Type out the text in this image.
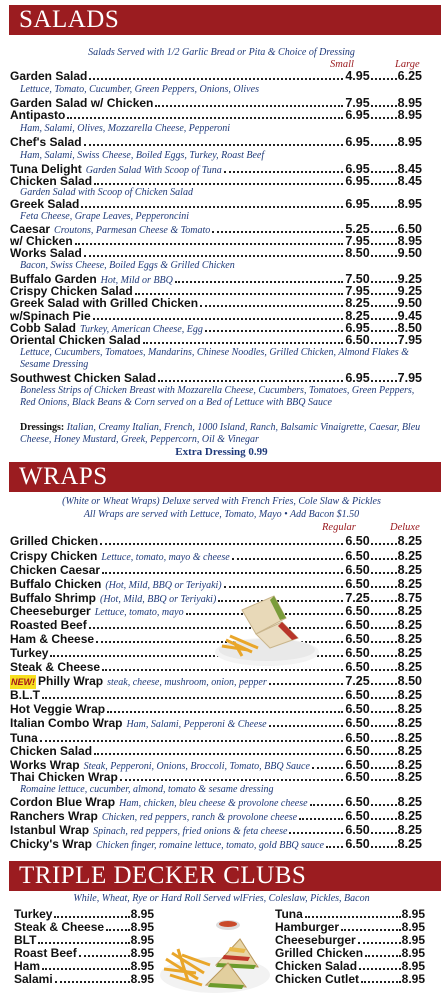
SALADS
Salads Served with 1/2 Garlic Bread or Pita & Choice of Dressing
Small	Large
Garden Salad	4.95 6.25
Lettuce, Tomato, Cucumber, Green Peppers, Onions, Olives
Garden Salad w/ Chicken	7.95 8.95
Antipasto	6.95 8.95
Ham, Salami, Olives, Mozzarella Cheese, Pepperoni
Chef's Salad	6.95 8.95
Ham, Salami, Swiss Cheese, Boiled Eggs, Turkey, Roast Beef
Tuna Delight Garden Salad With Scoop of Tuna	6.95 8.45
Chicken Salad	6.95 8.45
Garden Salad with Scoop of Chicken Salad
Greek Salad	6.95 8.95
Feta Cheese, Grape Leaves, Pepperoncini
Caesar Croutons, Parmesan Cheese & Tomato	5.25 6.50
w/ Chicken	7.95 8.95
Works Salad	8.50 9.50
Bacon, Swiss Cheese, Boiled Eggs & Grilled Chicken
Buffalo Garden Hot, Mild or BBQ	7.50 9.25
Crispy Chicken Salad	7.95 9.25
Greek Salad with Grilled Chicken	8.25 9.50
w/Spinach Pie	8.25 9.45
Cobb Salad Turkey, American Cheese, Egg	6.95 8.50
Oriental Chicken Salad	6.50 7.95
Lettuce, Cucumbers, Tomatoes, Mandarins, Chinese Noodles, Grilled Chicken, Almond Flakes & Sesame Dressing
Southwest Chicken Salad	6.95 7.95
Boneless Strips of Chicken Breast with Mozzarella Cheese, Cucumbers, Tomatoes, Green Peppers, Red Onions, Black Beans & Corn served on a Bed of Lettuce with BBQ Sauce
Dressings: Italian, Creamy Italian, French, 1000 Island, Ranch, Balsamic Vinaigrette, Caesar, Bleu Cheese, Honey Mustard, Greek, Peppercorn, Oil & Vinegar
Extra Dressing 0.99
WRAPS
(White or Wheat Wraps) Deluxe served with French Fries, Cole Slaw & Pickles
All Wraps are served with Lettuce, Tomato, Mayo • Add Bacon $1.50
Regular	Deluxe
Grilled Chicken	6.50 8.25
Crispy Chicken Lettuce, tomato, mayo & cheese	6.50 8.25
Chicken Caesar	6.50 8.25
Buffalo Chicken (Hot, Mild, BBQ or Teriyaki)	6.50 8.25
Buffalo Shrimp (Hot, Mild, BBQ or Teriyaki)	7.25 8.75
Cheeseburger Lettuce, tomato, mayo	6.50 8.25
Roasted Beef	6.50 8.25
Ham & Cheese	6.50 8.25
Turkey	6.50 8.25
Steak & Cheese	6.50 8.25
NEW! Philly Wrap steak, cheese, mushroom, onion, pepper	7.25 8.50
B.L.T	6.50 8.25
Hot Veggie Wrap	6.50 8.25
Italian Combo Wrap Ham, Salami, Pepperoni & Cheese	6.50 8.25
Tuna	6.50 8.25
Chicken Salad	6.50 8.25
Works Wrap Steak, Pepperoni, Onions, Broccoli, Tomato, BBQ Sauce	6.50 8.25
Thai Chicken Wrap	6.50 8.25
Romaine lettuce, cucumber, almond, tomato & sesame dressing
Cordon Blue Wrap Ham, chicken, bleu cheese & provolone cheese	6.50 8.25
Ranchers Wrap Chicken, red peppers, ranch & provolone cheese	6.50 8.25
Istanbul Wrap Spinach, red peppers, fried onions & feta cheese	6.50 8.25
Chicky's Wrap Chicken finger, romaine lettuce, tomato, gold BBQ sauce 6.50 8.25
TRIPLE DECKER CLUBS
While, Wheat, Rye or Hard Roll Served wlFries, Coleslaw, Pickles, Bacon
Turkey	8.95
Steak & Cheese 8.95
BLT	8.95
Roast Beef	8.95
Ham	8.95
Salami	8.95
Tuna	8.95
Hamburger	8.95
Cheeseburger	8.95
Grilled Chicken	8.95
Chicken Salad	8.95
Chicken Cutlet	8.95
